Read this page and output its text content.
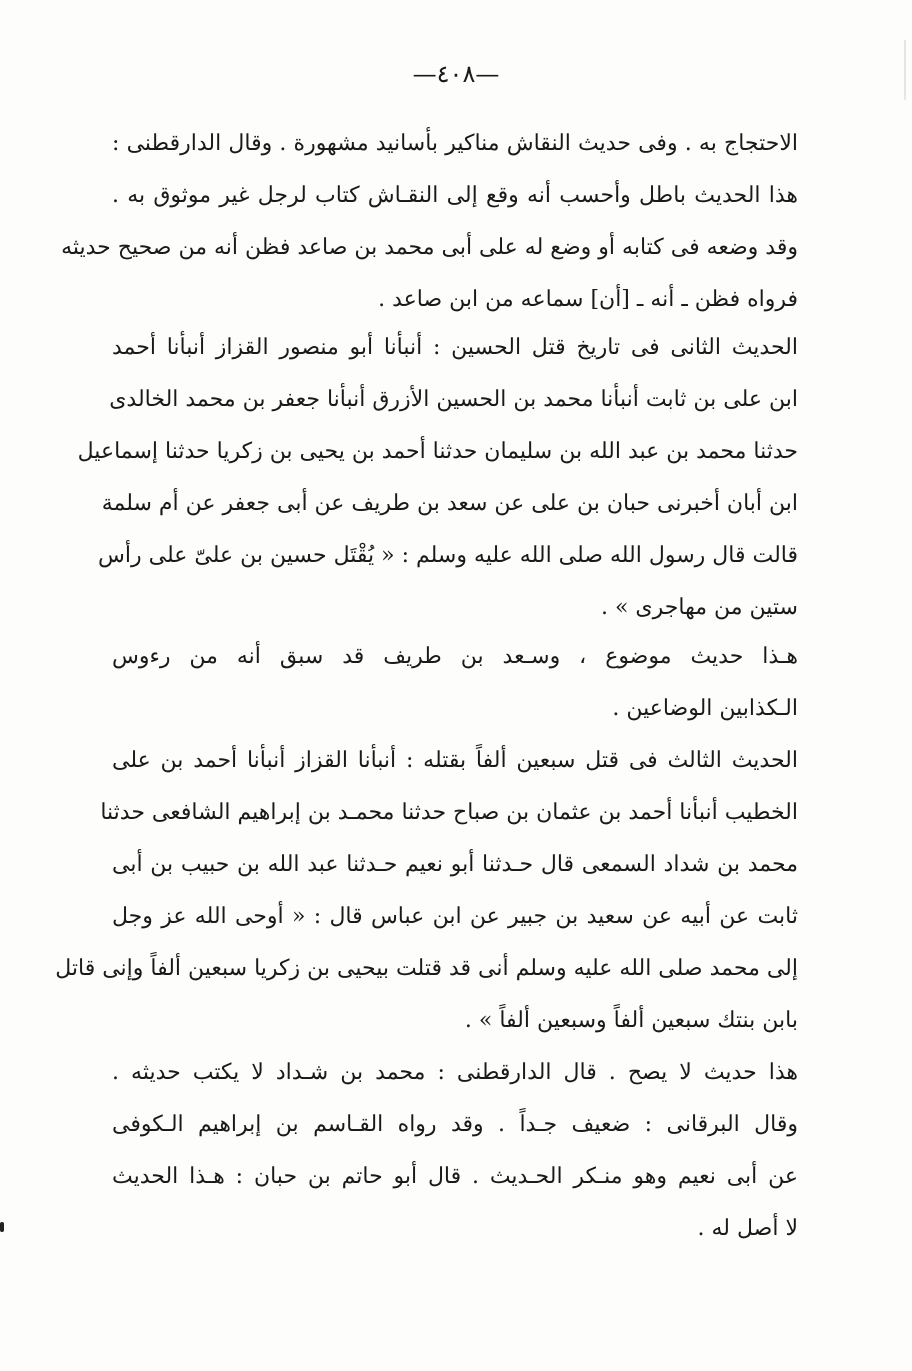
—٤٠٨—
الاحتجاج به . وفى حديث النقاش مناكير بأسانيد مشهورة . وقال الدارقطنى :
هذا الحديث باطل وأحسب أنه وقع إلى النقـاش كتاب لرجل غير موثوق به .
وقد وضعه فى كتابه أو وضع له على أبى محمد بن صاعد فظن أنه من صحيح حديثه
فرواه فظن ـ أنه ـ [أن] سماعه من ابن صاعد .
الحديث الثانى فى تاريخ قتل الحسين : أنبأنا أبو منصور القزاز أنبأنا أحمد
ابن على بن ثابت أنبأنا محمد بن الحسين الأزرق أنبأنا جعفر بن محمد الخالدى
حدثنا محمد بن عبد الله بن سليمان حدثنا أحمد بن يحيى بن زكريا حدثنا إسماعيل
ابن أبان أخبرنى حبان بن على عن سعد بن طريف عن أبى جعفر عن أم سلمة
قالت قال رسول الله صلى الله عليه وسلم : « يُقْتَل حسين بن علىّ على رأس
ستين من مهاجرى » .
هـذا حديث موضوع ، وسـعد بن طريف قد سبق أنه من رءوس
الـكذابين الوضاعين .
الحديث الثالث فى قتل سبعين ألفاً بقتله : أنبأنا القزاز أنبأنا أحمد بن على
الخطيب أنبأنا أحمد بن عثمان بن صباح حدثنا محمـد بن إبراهيم الشافعى حدثنا
محمد بن شداد السمعى قال حـدثنا أبو نعيم حـدثنا عبد الله بن حبيب بن أبى
ثابت عن أبيه عن سعيد بن جبير عن ابن عباس قال : « أوحى الله عز وجل
إلى محمد صلى الله عليه وسلم أنى قد قتلت بيحيى بن زكريا سبعين ألفاً وإنى قاتل
بابن بنتك سبعين ألفاً وسبعين ألفاً » .
هذا حديث لا يصح . قال الدارقطنى : محمد بن شـداد لا يكتب حديثه .
وقال البرقانى : ضعيف جـداً . وقد رواه القـاسم بن إبراهيم الـكوفى
عن أبى نعيم وهو منـكر الحـديث . قال أبو حاتم بن حبان : هـذا الحديث
لا أصل له .
